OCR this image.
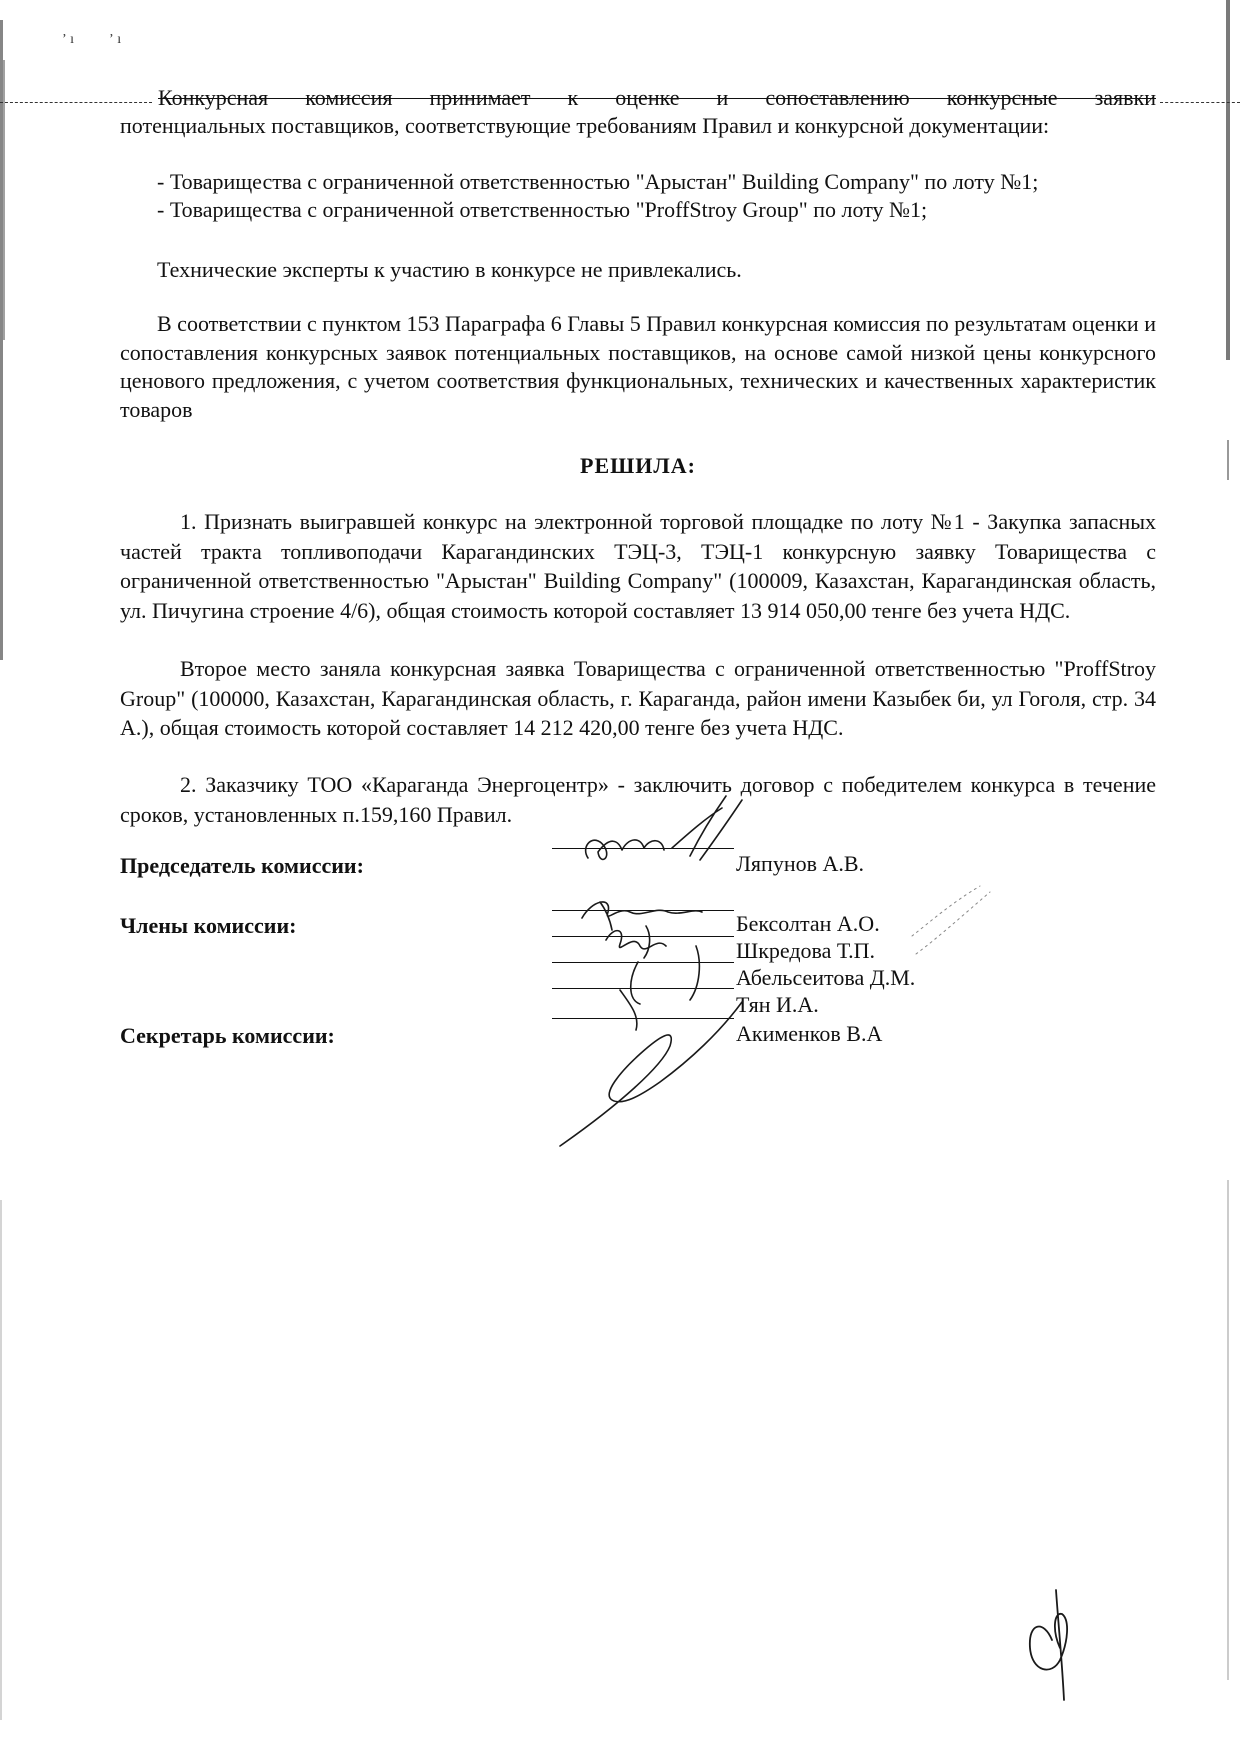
ʼ ı          ʼ ı
Конкурсная комиссия принимает к оценке и сопоставлению конкурсные заявки
потенциальных поставщиков, соответствующие требованиям Правил и конкурсной документации:
- Товарищества с ограниченной ответственностью "Арыстан" Building Company" по лоту №1;
- Товарищества с ограниченной ответственностью "ProffStroy Group" по лоту №1;
Технические эксперты к участию в конкурсе не привлекались.
В соответствии с пунктом 153 Параграфа 6 Главы 5 Правил конкурсная комиссия по результатам оценки и сопоставления конкурсных заявок потенциальных поставщиков, на основе самой низкой цены конкурсного ценового предложения, с учетом соответствия функциональных, технических и качественных характеристик товаров
РЕШИЛА:
1. Признать выигравшей конкурс на электронной торговой площадке по лоту №1 - Закупка запасных частей тракта топливоподачи Карагандинских ТЭЦ-3, ТЭЦ-1 конкурсную заявку Товарищества с ограниченной ответственностью "Арыстан" Building Company" (100009, Казахстан, Карагандинская область, ул. Пичугина строение 4/6), общая стоимость которой составляет 13 914 050,00 тенге без учета НДС.
Второе место заняла конкурсная заявка Товарищества с ограниченной ответственностью "ProffStroy Group" (100000, Казахстан, Карагандинская область, г. Караганда, район имени Казыбек би, ул Гоголя, стр. 34 А.), общая стоимость которой составляет 14 212 420,00 тенге без учета НДС.
2. Заказчику ТОО «Караганда Энергоцентр» - заключить договор с победителем конкурса в течение сроков, установленных п.159,160 Правил.
Председатель комиссии:	Ляпунов А.В.
Члены комиссии:	Бексолтан А.О.
Шкредова Т.П.
Абельсеитова Д.М.
Тян И.А.
Секретарь комиссии:	Акименков В.А
